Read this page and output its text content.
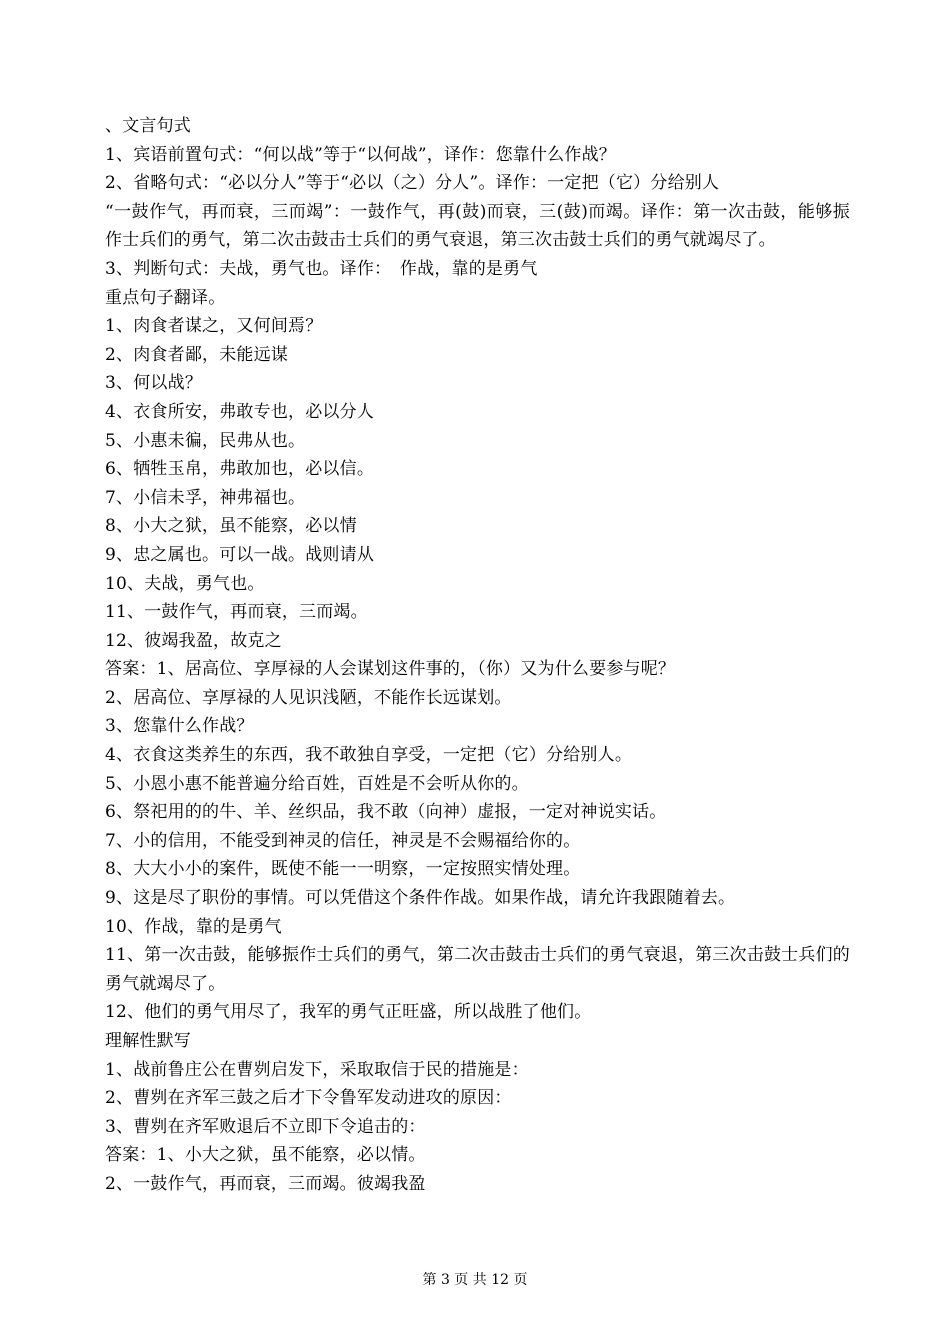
、文言句式
1、宾语前置句式：“何以战”等于“以何战”，译作：您靠什么作战？
2、省略句式：“必以分人”等于“必以（之）分人”。译作：一定把（它）分给别人
“一鼓作气，再而衰，三而竭”：一鼓作气，再(鼓)而衰，三(鼓)而竭。译作：第一次击鼓，能够振作士兵们的勇气，第二次击鼓击士兵们的勇气衰退，第三次击鼓士兵们的勇气就竭尽了。
3、判断句式：夫战，勇气也。译作：　作战，靠的是勇气
重点句子翻译。
1、肉食者谋之，又何间焉？
2、肉食者鄙，未能远谋
3、何以战？
4、衣食所安，弗敢专也，必以分人
5、小惠未徧，民弗从也。
6、牺牲玉帛，弗敢加也，必以信。
7、小信未孚，神弗福也。
8、小大之狱，虽不能察，必以情
9、忠之属也。可以一战。战则请从
10、夫战，勇气也。
11、一鼓作气，再而衰，三而竭。
12、彼竭我盈，故克之
答案：1、居高位、享厚禄的人会谋划这件事的，（你）又为什么要参与呢？
2、居高位、享厚禄的人见识浅陋，不能作长远谋划。
3、您靠什么作战？
4、衣食这类养生的东西，我不敢独自享受，一定把（它）分给别人。
5、小恩小惠不能普遍分给百姓，百姓是不会听从你的。
6、祭祀用的的牛、羊、丝织品，我不敢（向神）虚报，一定对神说实话。
7、小的信用，不能受到神灵的信任，神灵是不会赐福给你的。
8、大大小小的案件，既使不能一一明察，一定按照实情处理。
9、这是尽了职份的事情。可以凭借这个条件作战。如果作战，请允许我跟随着去。
10、作战，靠的是勇气
11、第一次击鼓，能够振作士兵们的勇气，第二次击鼓击士兵们的勇气衰退，第三次击鼓士兵们的勇气就竭尽了。
12、他们的勇气用尽了，我军的勇气正旺盛，所以战胜了他们。
理解性默写
1、战前鲁庄公在曹刿启发下，采取取信于民的措施是：
2、曹刿在齐军三鼓之后才下令鲁军发动进攻的原因：
3、曹刿在齐军败退后不立即下令追击的：
答案：1、小大之狱，虽不能察，必以情。
2、一鼓作气，再而衰，三而竭。彼竭我盈
第 3 页 共 12 页
